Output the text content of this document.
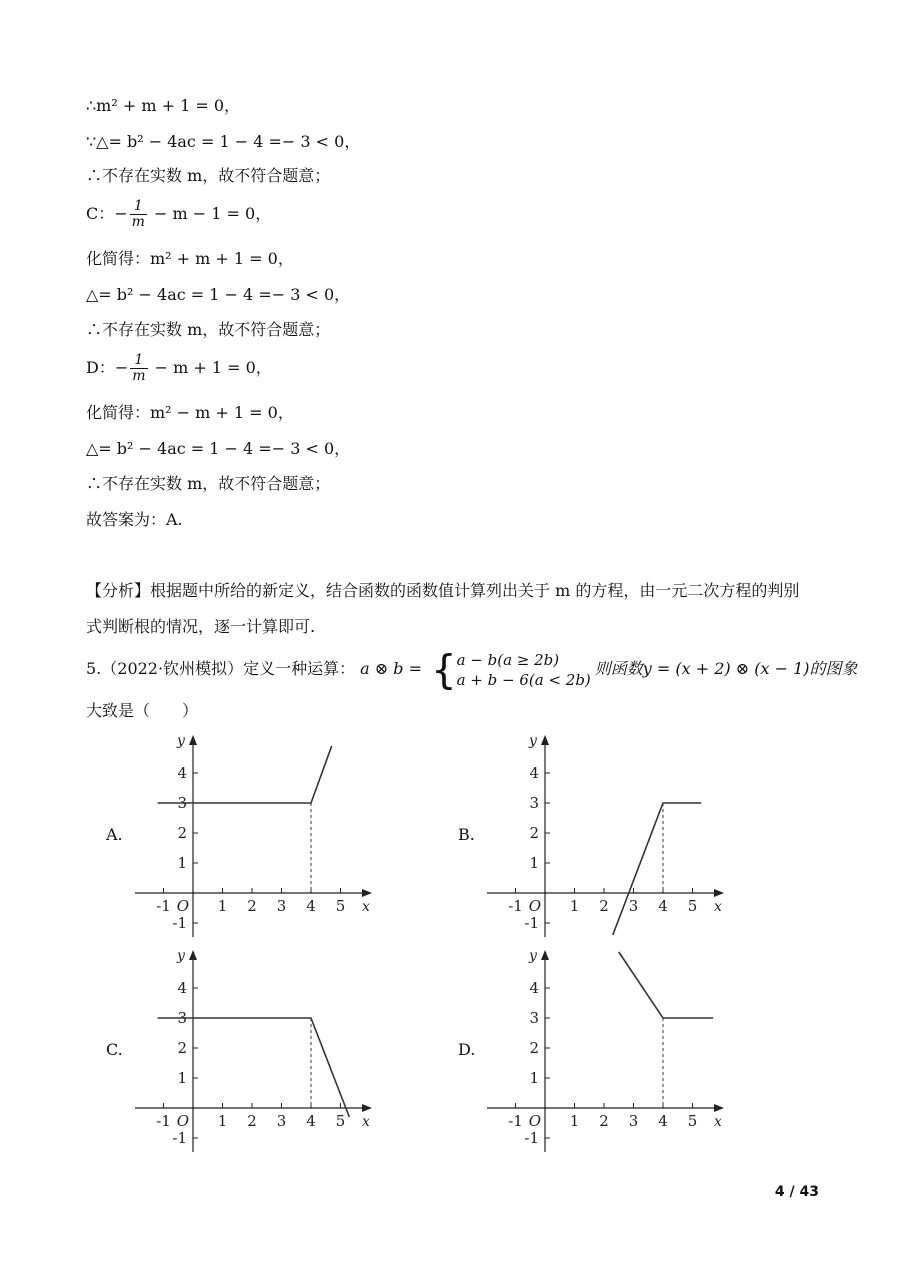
∴m² + m + 1 = 0，
∵△= b² − 4ac = 1 − 4 =− 3 < 0，
∴不存在实数 m，故不符合题意；
C：− $\frac{1}{m} - m - 1 = 0$，
化简得：m² + m + 1 = 0，
△= b² − 4ac = 1 − 4 =− 3 < 0，
∴不存在实数 m，故不符合题意；
D：− $\frac{1}{m} - m + 1 = 0$，
化简得：m² − m + 1 = 0，
△= b² − 4ac = 1 − 4 =− 3 < 0，
∴不存在实数 m，故不符合题意；
故答案为：A.
【分析】根据题中所给的新定义，结合函数的函数值计算列出关于 m 的方程，由一元二次方程的判别
式判断根的情况，逐一计算即可.
5.（2022·钦州模拟）定义一种运算： a ⊗ b = { a − b(a ≥ 2b)
a + b − 6(a < 2b)
则函数y = (x + 2) ⊗ (x − 1)的图象
大致是（　　）
A.	B.
C.	D.
-1	1 2 3 4 5
4
3
2
1
-1
O	x
y
-1	1 2 3 4 5
4
3
2
1
-1
O	x
y
-1	1 2 3 4 5
4
3
2
1
-1
O	x
y
-1	1 2 3 4 5
4
3
2
1
-1
O	x
y
4 / 43
